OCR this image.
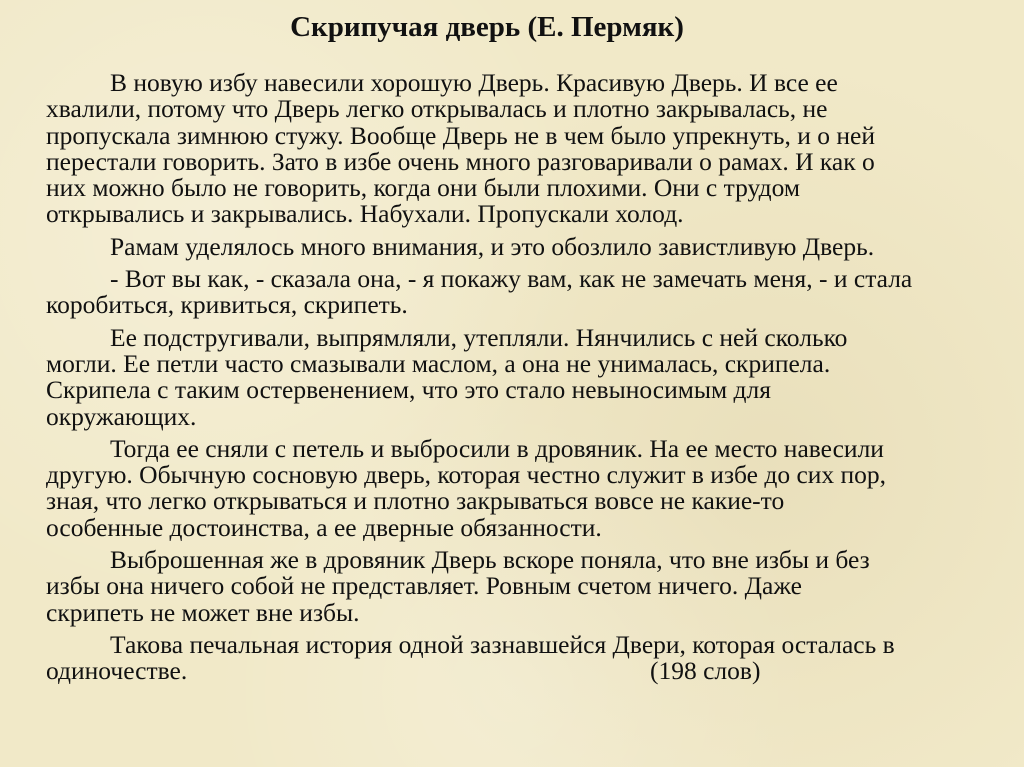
Скрипучая дверь (Е. Пермяк)
В новую избу навесили хорошую Дверь. Красивую Дверь. И все ее
хвалили, потому что Дверь легко открывалась и плотно закрывалась, не
пропускала зимнюю стужу. Вообще Дверь не в чем было упрекнуть, и о ней
перестали говорить. Зато в избе очень много разговаривали о рамах. И как о
них можно было не говорить, когда они были плохими. Они с трудом
открывались и закрывались. Набухали. Пропускали холод.
Рамам уделялось много внимания, и это обозлило завистливую Дверь.
- Вот вы как, - сказала она, - я покажу вам, как не замечать меня, - и стала
коробиться, кривиться, скрипеть.
Ее подстругивали, выпрямляли, утепляли. Нянчились с ней сколько
могли. Ее петли часто смазывали маслом, а она не унималась, скрипела.
Скрипела с таким остервенением, что это стало невыносимым для
окружающих.
Тогда ее сняли с петель и выбросили в дровяник. На ее место навесили
другую. Обычную сосновую дверь, которая честно служит в избе до сих пор,
зная, что легко открываться и плотно закрываться вовсе не какие-то
особенные достоинства, а ее дверные обязанности.
Выброшенная же в дровяник Дверь вскоре поняла, что вне избы и без
избы она ничего собой не представляет. Ровным счетом ничего. Даже
скрипеть не может вне избы.
Такова печальная история одной зазнавшейся Двери, которая осталась в
одиночестве.	(198 слов)
